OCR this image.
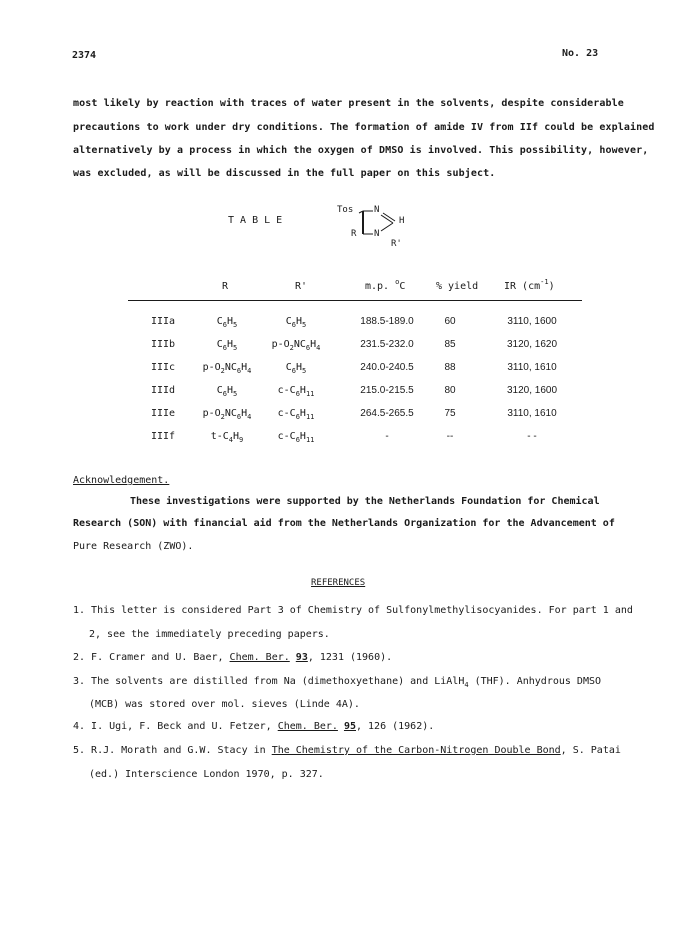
2374	No. 23
most likely by reaction with traces of water present in the solvents, despite considerable
precautions to work under dry conditions. The formation of amide IV from IIf could be explained
alternatively by a process in which the oxygen of DMSO is involved. This possibility, however,
was excluded, as will be discussed in the full paper on this subject.
T A B L E
Tos N
H
R N
R'
R	R'	m.p. $^o$C	% yield	IR $(cm^{-1})$
IIIa	$C_6H_5$	$C_6H_5$	188.5-189.0	60	3110, 1600
IIIb	$C_6H_5$	$p-O_2NC_6H_4$	231.5-232.0	85	3120, 1620
IIIc	$p-O_2NC_6H_4$	$C_6H_5$	240.0-240.5	88	3110, 1610
IIId	$C_6H_5$	$c-C_6H_{11}$	215.0-215.5	80	3120, 1600
IIIe	$p-O_2NC_6H_4$	$c-C_6H_{11}$	264.5-265.5	75	3110, 1610
IIIf	$t-C_4H_9$	$c-C_6H_{11}$	-	--	- -
Acknowledgement.
These investigations were supported by the Netherlands Foundation for Chemical
Research (SON) with financial aid from the Netherlands Organization for the Advancement of
Pure Research (ZWO).
REFERENCES
1. This letter is considered Part 3 of Chemistry of Sulfonylmethylisocyanides. For part 1 and
2, see the immediately preceding papers.
2. F. Cramer and U. Baer, Chem. Ber. 93, 1231 (1960).
3. The solvents are distilled from Na (dimethoxyethane) and LiAlH$_4$ (THF). Anhydrous DMSO
(MCB) was stored over mol. sieves (Linde 4A).
4. I. Ugi, F. Beck and U. Fetzer, Chem. Ber. 95, 126 (1962).
5. R.J. Morath and G.W. Stacy in The Chemistry of the Carbon-Nitrogen Double Bond, S. Patai
(ed.) Interscience London 1970, p. 327.
